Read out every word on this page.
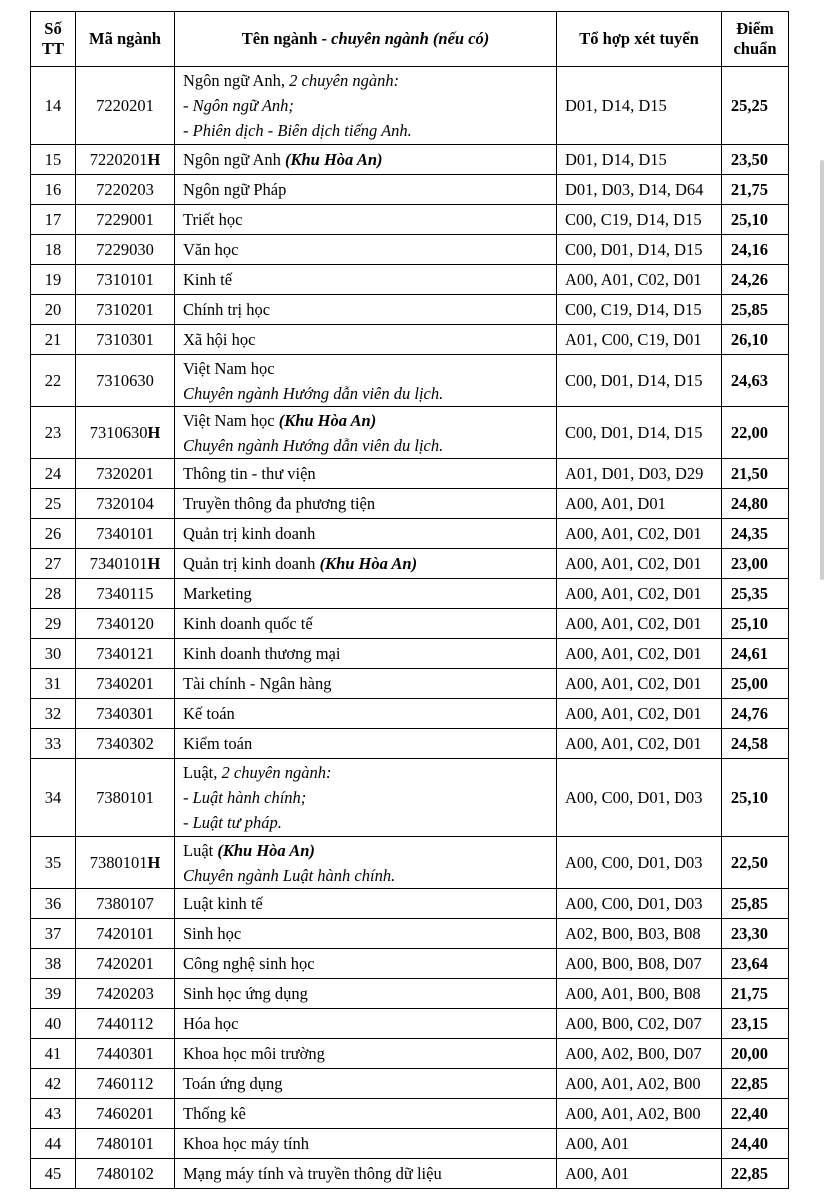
Số
TT	Mã ngành	Tên ngành - chuyên ngành (nếu có)	Tổ hợp xét tuyển	Điểm
chuẩn

14	7220201	Ngôn ngữ Anh, 2 chuyên ngành:
- Ngôn ngữ Anh;
- Phiên dịch - Biên dịch tiếng Anh.	D01, D14, D15	25,25
15	7220201H	Ngôn ngữ Anh (Khu Hòa An)	D01, D14, D15	23,50
16	7220203	Ngôn ngữ Pháp	D01, D03, D14, D64	21,75
17	7229001	Triết học	C00, C19, D14, D15	25,10
18	7229030	Văn học	C00, D01, D14, D15	24,16
19	7310101	Kinh tế	A00, A01, C02, D01	24,26
20	7310201	Chính trị học	C00, C19, D14, D15	25,85
21	7310301	Xã hội học	A01, C00, C19, D01	26,10
22	7310630	Việt Nam học
Chuyên ngành Hướng dẫn viên du lịch.	C00, D01, D14, D15	24,63
23	7310630H	Việt Nam học (Khu Hòa An)
Chuyên ngành Hướng dẫn viên du lịch.	C00, D01, D14, D15	22,00
24	7320201	Thông tin - thư viện	A01, D01, D03, D29	21,50
25	7320104	Truyền thông đa phương tiện	A00, A01, D01	24,80
26	7340101	Quản trị kinh doanh	A00, A01, C02, D01	24,35
27	7340101H	Quản trị kinh doanh (Khu Hòa An)	A00, A01, C02, D01	23,00
28	7340115	Marketing	A00, A01, C02, D01	25,35
29	7340120	Kinh doanh quốc tế	A00, A01, C02, D01	25,10
30	7340121	Kinh doanh thương mại	A00, A01, C02, D01	24,61
31	7340201	Tài chính - Ngân hàng	A00, A01, C02, D01	25,00
32	7340301	Kế toán	A00, A01, C02, D01	24,76
33	7340302	Kiểm toán	A00, A01, C02, D01	24,58
34	7380101	Luật, 2 chuyên ngành:
- Luật hành chính;
- Luật tư pháp.	A00, C00, D01, D03	25,10
35	7380101H	Luật (Khu Hòa An)
Chuyên ngành Luật hành chính.	A00, C00, D01, D03	22,50
36	7380107	Luật kinh tế	A00, C00, D01, D03	25,85
37	7420101	Sinh học	A02, B00, B03, B08	23,30
38	7420201	Công nghệ sinh học	A00, B00, B08, D07	23,64
39	7420203	Sinh học ứng dụng	A00, A01, B00, B08	21,75
40	7440112	Hóa học	A00, B00, C02, D07	23,15
41	7440301	Khoa học môi trường	A00, A02, B00, D07	20,00
42	7460112	Toán ứng dụng	A00, A01, A02, B00	22,85
43	7460201	Thống kê	A00, A01, A02, B00	22,40
44	7480101	Khoa học máy tính	A00, A01	24,40
45	7480102	Mạng máy tính và truyền thông dữ liệu	A00, A01	22,85
